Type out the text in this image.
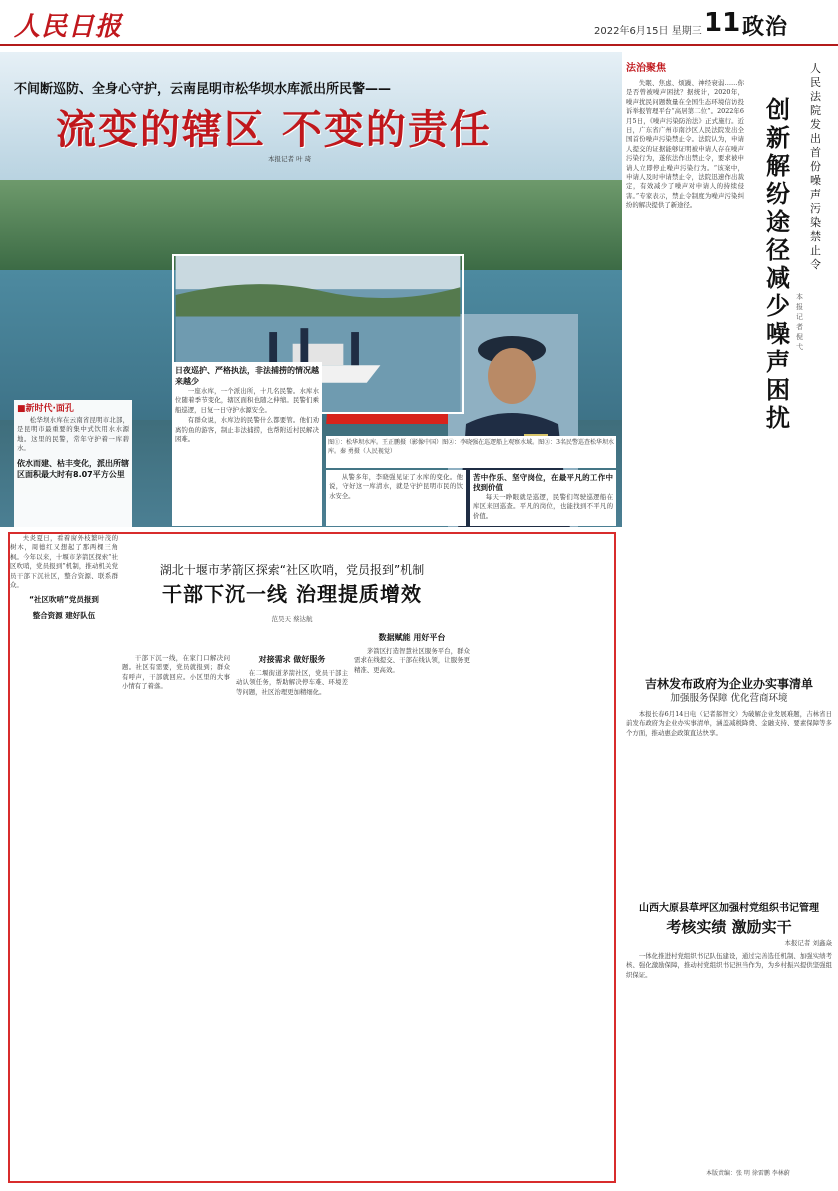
人民日报	2022年6月15日 星期三 11 政治
不间断巡防、全身心守护，云南昆明市松华坝水库派出所民警——
流变的辖区 不变的责任
本报记者 叶 琦
■新时代·面孔

松华坝水库在云南省昆明市北部，是昆明市最重要的集中式饮用水水源地。这里的民警，常年守护着一库碧水。

依水而建、枯丰变化，派出所辖区面积最大时有8.07平方公里
日夜巡护、严格执法，非法捕捞的情况越来越少

一座水库，一个派出所，十几名民警。水库水位随着季节变化，辖区面积也随之伸缩。民警们乘船巡逻，日复一日守护水源安全。

有群众说，水库边的民警什么都要管。他们劝离钓鱼的游客，制止非法捕捞，也帮附近村民解决困难。

从警多年，李晓强见证了水库的变化。他说，守好这一库清水，就是守护昆明市民的饮水安全。

苦中作乐、坚守岗位，在最平凡的工作中找到价值

每天一睁眼就是巡逻，民警们驾驶巡逻船在库区来回巡查。平凡的岗位，也能找到不平凡的价值。

图①：松华坝水库。王正鹏摄（影像中国）图②：李晓强在巡逻船上观察水域。图③：3名民警巡查松华坝水库。秦 勇摄（人民视觉）
法治聚焦

失眠、焦虑、烦躁、神经衰弱……你是否曾被噪声困扰？据统计，2020年，噪声扰民问题数量在全国生态环境信访投诉举报管理平台“高居第二位”。2022年6月5日，《噪声污染防治法》正式施行。近日，广东省广州市南沙区人民法院发出全国首份噪声污染禁止令。法院认为，申请人提交的证据能够证明被申请人存在噪声污染行为，遂依法作出禁止令，要求被申请人立即停止噪声污染行为。“该案中，申请人及时申请禁止令，法院迅速作出裁定，有效减少了噪声对申请人的持续侵害。”专家表示，禁止令制度为噪声污染纠纷的解决提供了新途径。

人民法院发出首份噪声污染禁止令
创新解纷途径 减少噪声困扰
本报记者 倪 弋
吉林发布政府为企业办实事清单
加强服务保障 优化营商环境

本报长春6月14日电（记者郝智文）为破解企业发展难题，吉林省日前发布政府为企业办实事清单，涵盖减税降费、金融支持、要素保障等多个方面，推动惠企政策直达快享。

山西大原县草坪区加强村党组织书记管理
考核实绩 激励实干
本报记者 刘鑫焱

一体化推进村党组织书记队伍建设，通过完善选任机制、加强实绩考核、强化激励保障，推动村党组织书记担当作为，为乡村振兴提供坚强组织保证。

本版责编：张 明 徐雷鹏 李林蔚

夫炎夏日，看着窗外枝繁叶茂的树木，周德红又想起了那两棵三角枫。今年以来，十堰市茅箭区探索“社区吹哨，党员报到”机制，推动机关党员干部下沉社区，整合资源、联系群众。

“社区吹哨”党员报到
整合资源 建好队伍
湖北十堰市茅箭区探索“社区吹哨，党员报到”机制
干部下沉一线 治理提质增效
范昊天 蔡达航

干部下沉一线，在家门口解决问题。社区有需要，党员就报到；群众有呼声，干部就回应。小区里的大事小情有了着落。

对接需求 做好服务

在二堰街道茅箭社区，党员干部主动认领任务，帮助解决停车难、环境差等问题，社区治理更加精细化。

数据赋能 用好平台

茅箭区打造智慧社区服务平台，群众需求在线提交、干部在线认领，让服务更精准、更高效。
